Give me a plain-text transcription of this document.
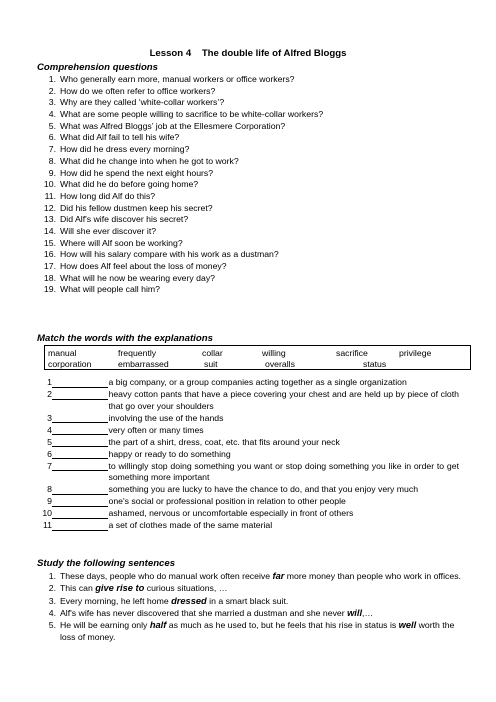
Lesson 4    The double life of Alfred Bloggs
Comprehension questions
1. Who generally earn more, manual workers or office workers?
2. How do we often refer to office workers?
3. Why are they called ‘white-collar workers’?
4. What are some people willing to sacrifice to be white-collar workers?
5. What was Alfred Bloggs’ job at the Ellesmere Corporation?
6. What did Alf fail to tell his wife?
7. How did he dress every morning?
8. What did he change into when he got to work?
9. How did he spend the next eight hours?
10. What did he do before going home?
11. How long did Alf do this?
12. Did his fellow dustmen keep his secret?
13. Did Alf's wife discover his secret?
14. Will she ever discover it?
15. Where will Alf soon be working?
16. How will his salary compare with his work as a dustman?
17. How does Alf feel about the loss of money?
18. What will he now be wearing every day?
19. What will people call him?
Match the words with the explanations
manual	frequently	collar	willing	sacrifice	privilege
corporation	embarrassed	suit	overalls	status
1	a big company, or a group companies acting together as a single organization
2	heavy cotton pants that have a piece covering your chest and are held up by piece of cloth that go over your shoulders
3	involving the use of the hands
4	very often or many times
5	the part of a shirt, dress, coat, etc. that fits around your neck
6	happy or ready to do something
7	to willingly stop doing something you want or stop doing something you like in order to get something more important
8	something you are lucky to have the chance to do, and that you enjoy very much
9	one's social or professional position in relation to other people
10	ashamed, nervous or uncomfortable especially in front of others
11	a set of clothes made of the same material
Study the following sentences
1. These days, people who do manual work often receive far more money than people who work in offices.
2. This can give rise to curious situations, …
3. Every morning, he left home dressed in a smart black suit.
4. Alf's wife has never discovered that she married a dustman and she never will,…
5. He will be earning only half as much as he used to, but he feels that his rise in status is well worth the loss of money.
